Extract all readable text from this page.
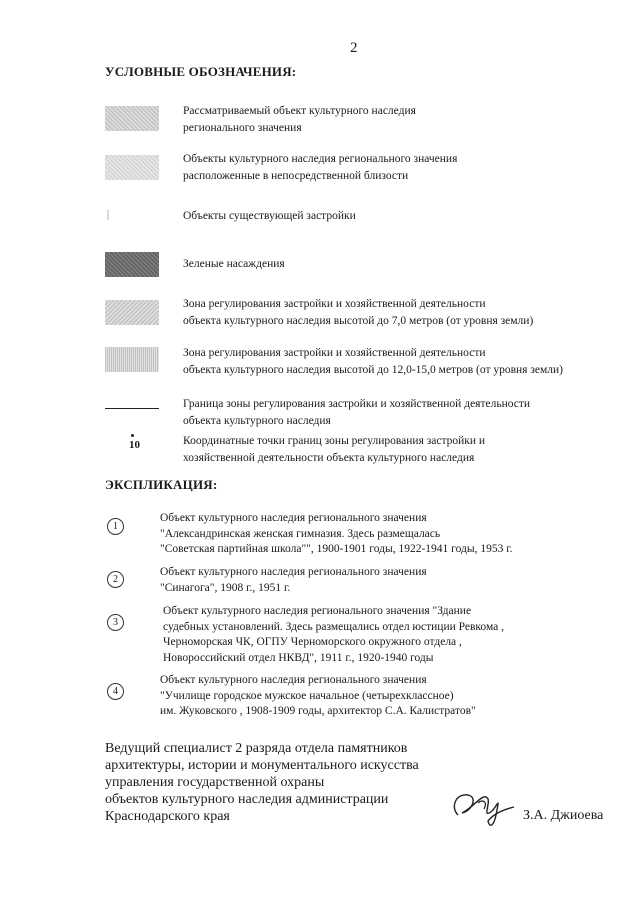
2
УСЛОВНЫЕ ОБОЗНАЧЕНИЯ:
Рассматриваемый объект культурного наследия
регионального значения
Объекты культурного наследия регионального значения
расположенные в непосредственной близости
Объекты существующей застройки
Зеленые насаждения
Зона регулирования застройки и хозяйственной деятельности
объекта культурного наследия высотой до 7,0 метров (от уровня земли)
Зона регулирования застройки и хозяйственной деятельности
объекта культурного наследия высотой до 12,0-15,0 метров (от уровня земли)
Граница зоны регулирования застройки и хозяйственной деятельности
объекта культурного наследия
10	Координатные точки границ зоны регулирования застройки и
хозяйственной деятельности объекта культурного наследия
ЭКСПЛИКАЦИЯ:
1
Объект культурного наследия регионального значения
"Александринская женская гимназия. Здесь размещалась
"Советская партийная школа"", 1900-1901 годы, 1922-1941 годы, 1953 г.
2
Объект культурного наследия регионального значения
"Синагога", 1908 г., 1951 г.
3
Объект культурного наследия регионального значения "Здание
судебных установлений. Здесь размещались отдел юстиции Ревкома ,
Черноморская ЧК, ОГПУ Черноморского окружного отдела ,
Новороссийский отдел НКВД", 1911 г., 1920-1940 годы
4
Объект культурного наследия регионального значения
"Училище городское мужское начальное (четырехклассное)
им. Жуковского , 1908-1909 годы, архитектор С.А. Калистратов"
Ведущий специалист 2 разряда отдела памятников
архитектуры, истории и монументального искусства
управления государственной охраны
объектов культурного наследия администрации
Краснодарского края	З.А. Джиоева
